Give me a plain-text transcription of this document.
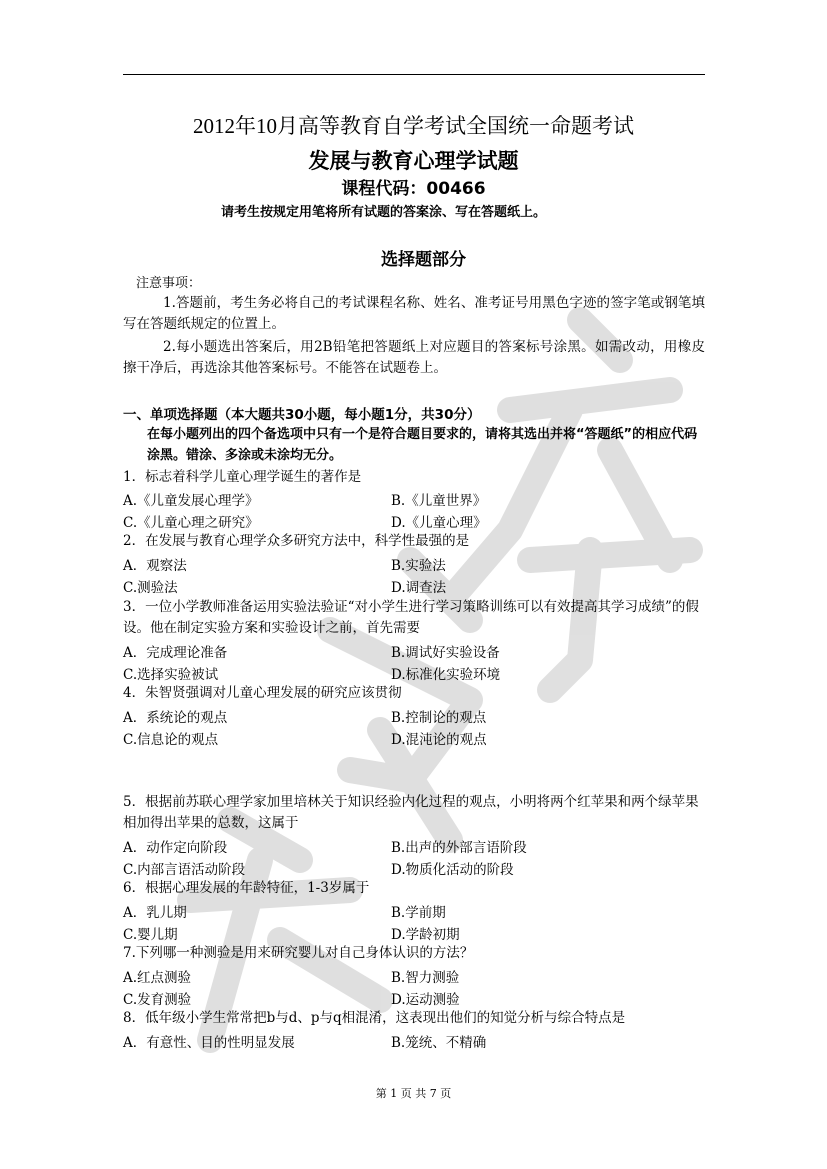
2012年10月高等教育自学考试全国统一命题考试
发展与教育心理学试题
课程代码：00466
请考生按规定用笔将所有试题的答案涂、写在答题纸上。
选择题部分
注意事项：
1.答题前，考生务必将自己的考试课程名称、姓名、准考证号用黑色字迹的签字笔或钢笔填写在答题纸规定的位置上。
2.每小题选出答案后，用2B铅笔把答题纸上对应题目的答案标号涂黑。如需改动，用橡皮擦干净后，再选涂其他答案标号。不能答在试题卷上。
一、单项选择题（本大题共30小题，每小题1分，共30分）
在每小题列出的四个备选项中只有一个是符合题目要求的，请将其选出并将“答题纸”的相应代码涂黑。错涂、多涂或未涂均无分。
1．标志着科学儿童心理学诞生的著作是
A.《儿童发展心理学》	B.《儿童世界》
C.《儿童心理之研究》	D.《儿童心理》
2．在发展与教育心理学众多研究方法中，科学性最强的是
A．观察法	B.实验法
C.测验法	D.调查法
3．一位小学教师准备运用实验法验证“对小学生进行学习策略训练可以有效提高其学习成绩”的假设。他在制定实验方案和实验设计之前，首先需要
A．完成理论准备	B.调试好实验设备
C.选择实验被试	D.标准化实验环境
4．朱智贤强调对儿童心理发展的研究应该贯彻
A．系统论的观点	B.控制论的观点
C.信息论的观点	D.混沌论的观点
5．根据前苏联心理学家加里培林关于知识经验内化过程的观点，小明将两个红苹果和两个绿苹果相加得出苹果的总数，这属于
A．动作定向阶段	B.出声的外部言语阶段
C.内部言语活动阶段	D.物质化活动的阶段
6．根据心理发展的年龄特征，1-3岁属于
A．乳儿期	B.学前期
C.婴儿期	D.学龄初期
7.下列哪一种测验是用来研究婴儿对自己身体认识的方法？
A.红点测验	B.智力测验
C.发育测验	D.运动测验
8．低年级小学生常常把b与d、p与q相混淆，这表现出他们的知觉分析与综合特点是
A．有意性、目的性明显发展	B.笼统、不精确
第 1 页 共 7 页
